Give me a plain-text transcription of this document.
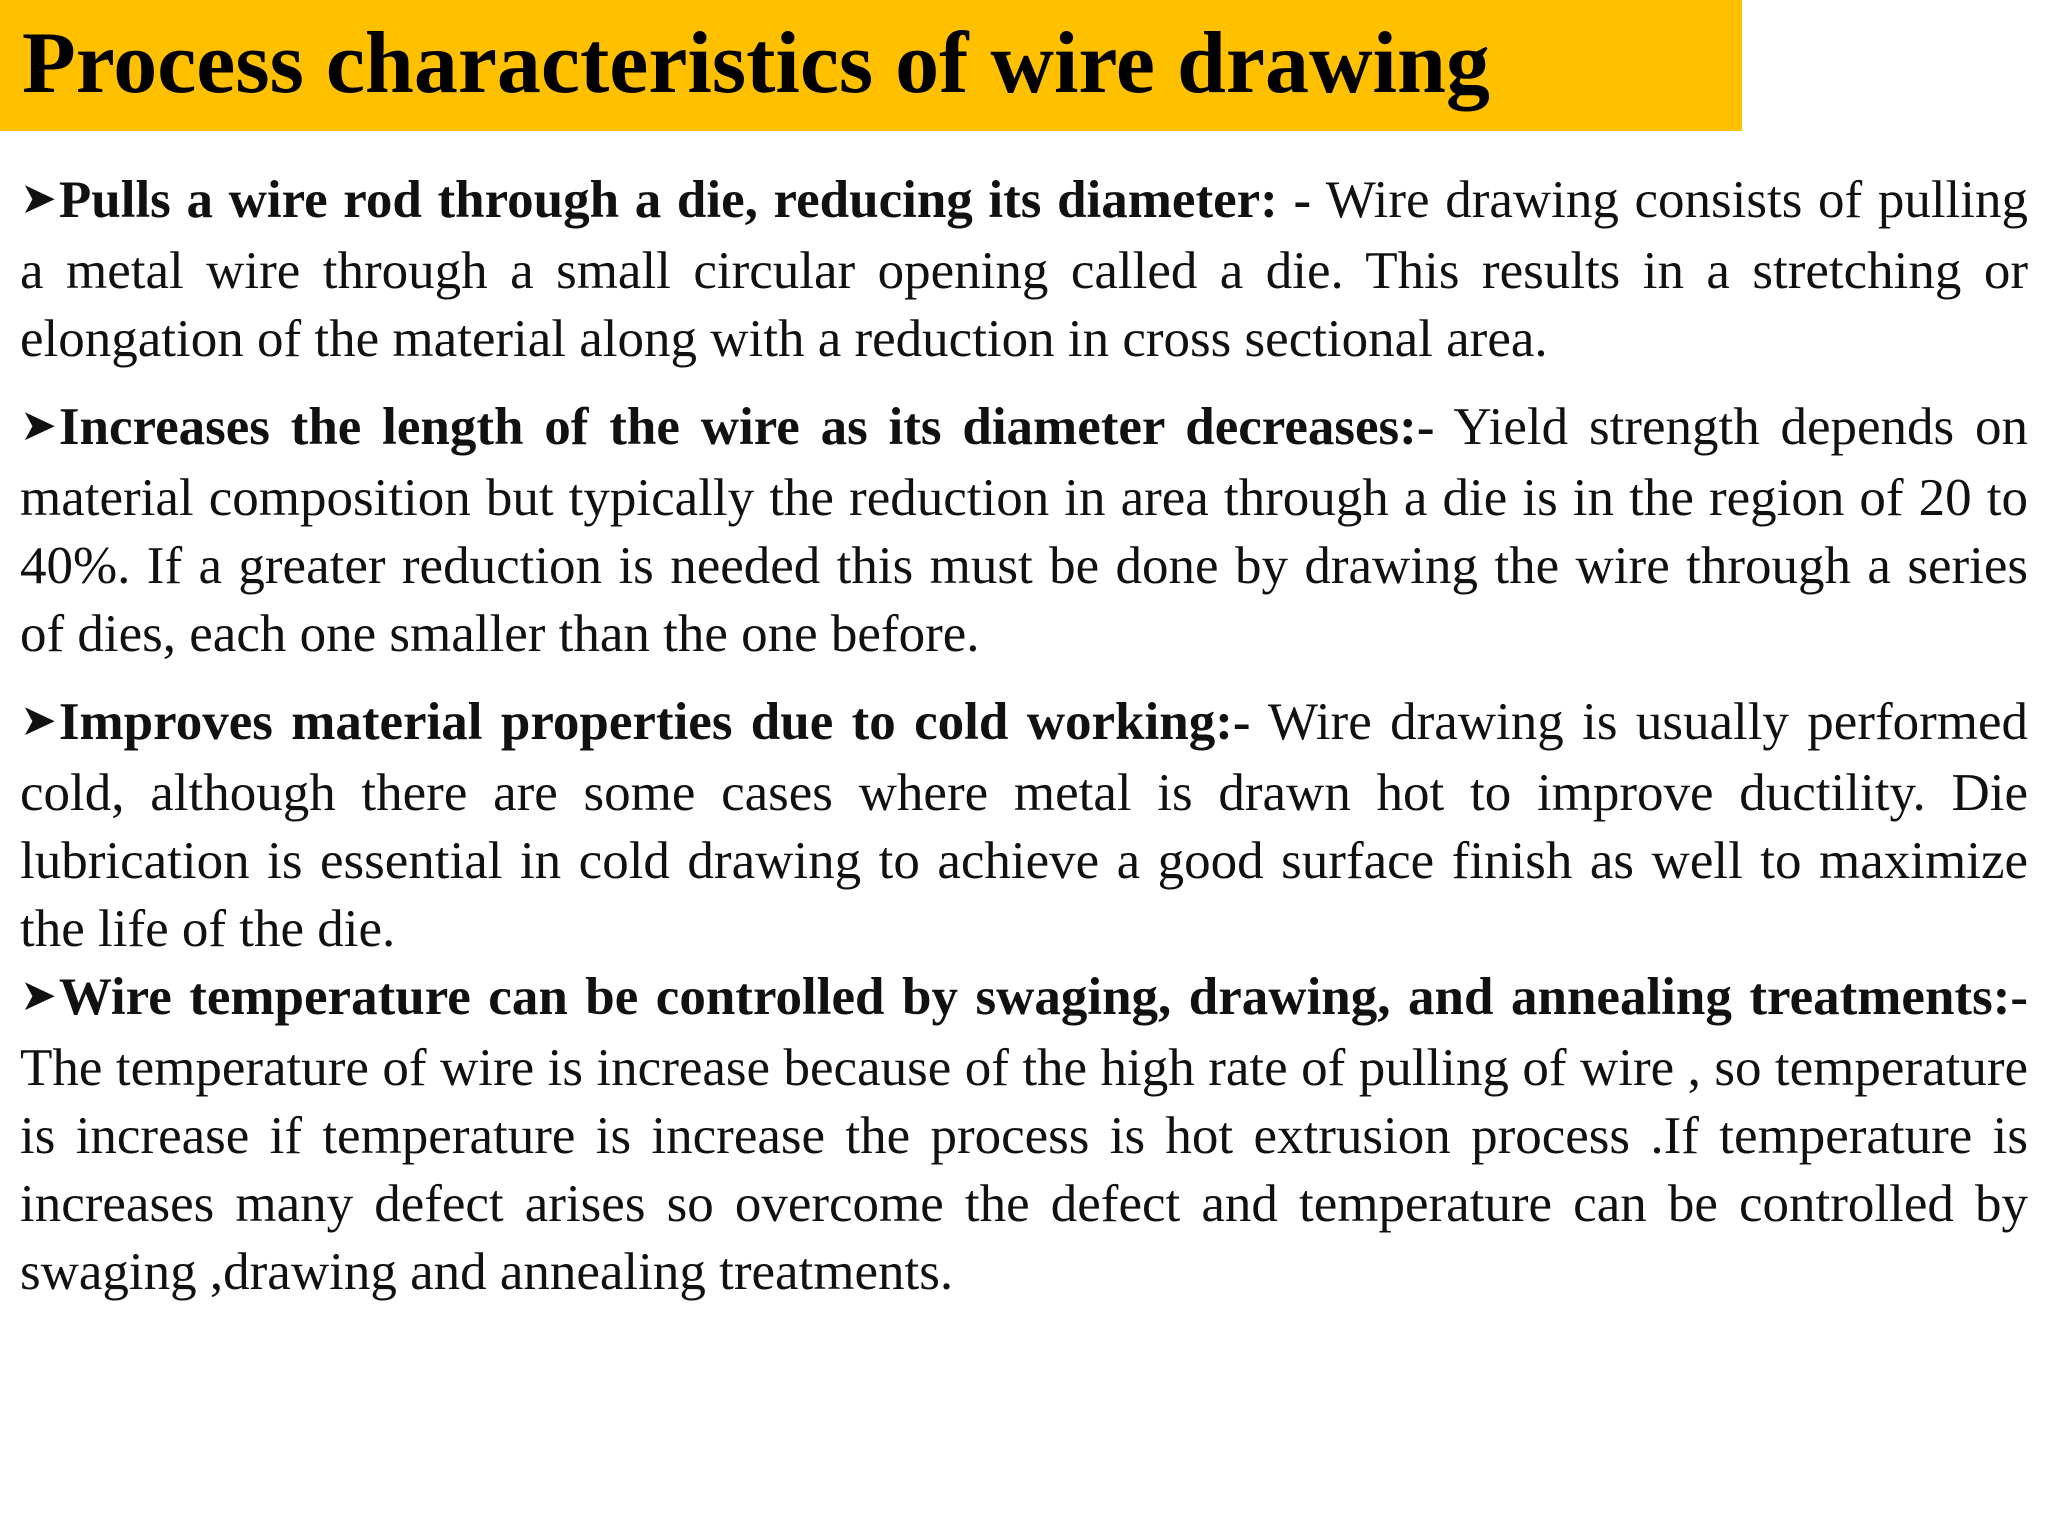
Process characteristics of wire drawing

➤Pulls a wire rod through a die, reducing its diameter: - Wire drawing consists of pulling a metal wire through a small circular opening called a die. This results in a stretching or elongation of the material along with a reduction in cross sectional area.

➤Increases the length of the wire as its diameter decreases:- Yield strength depends on material composition but typically the reduction in area through a die is in the region of 20 to 40%. If a greater reduction is needed this must be done by drawing the wire through a series of dies, each one smaller than the one before.

➤Improves material properties due to cold working:- Wire drawing is usually performed cold, although there are some cases where metal is drawn hot to improve ductility. Die lubrication is essential in cold drawing to achieve a good surface finish as well to maximize the life of the die.

➤Wire temperature can be controlled by swaging, drawing, and annealing treatments:- The temperature of wire is increase because of the high rate of pulling of wire , so temperature is increase if temperature is increase the process is hot extrusion process .If temperature is increases many defect arises so overcome the defect and temperature can be controlled by swaging ,drawing and annealing treatments.
